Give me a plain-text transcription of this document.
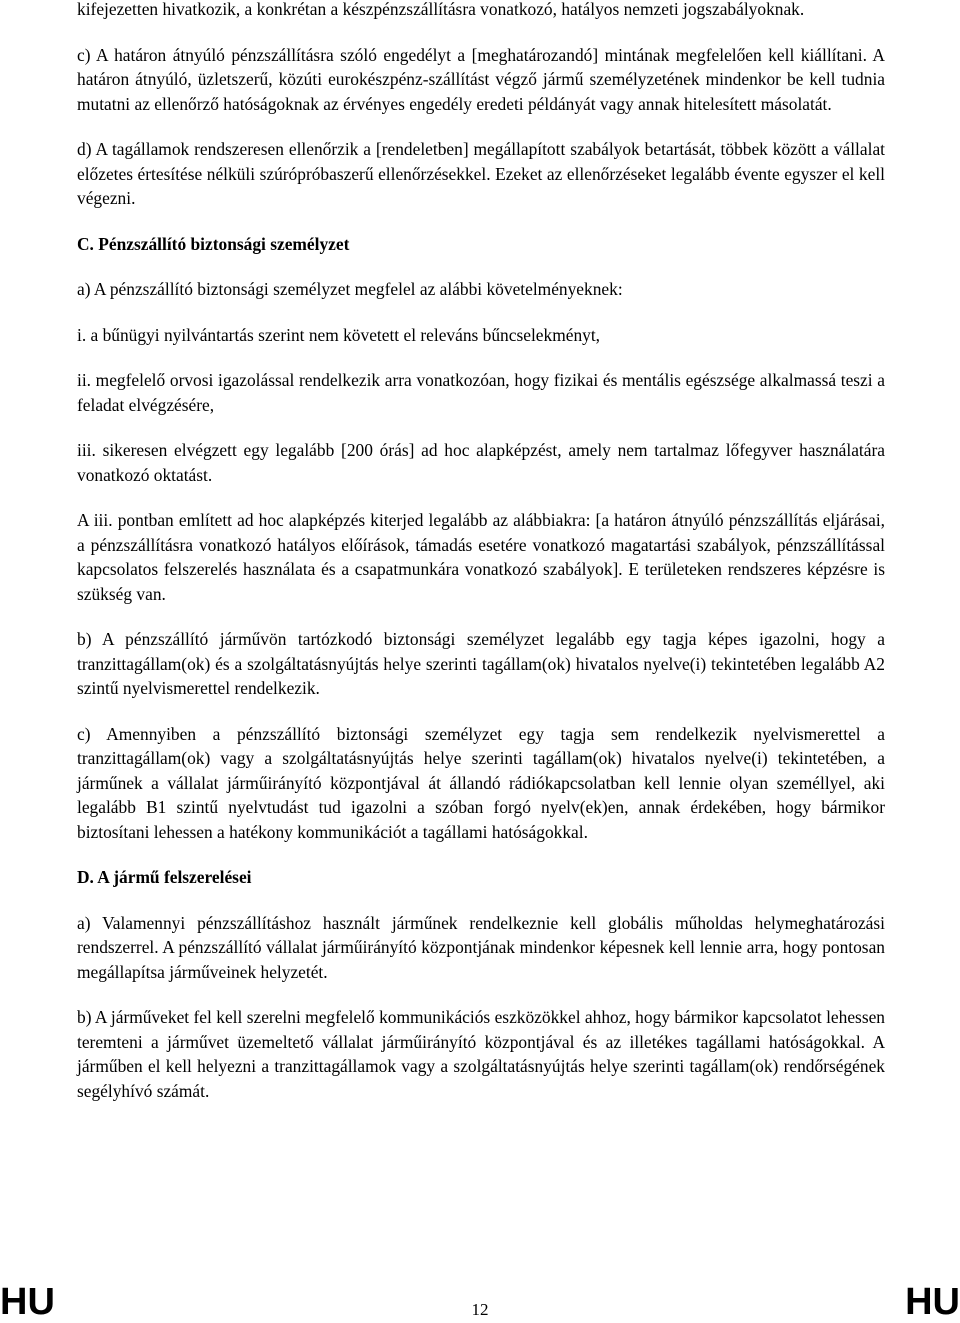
kifejezetten hivatkozik, a konkrétan a készpénzszállításra vonatkozó, hatályos nemzeti jogszabályoknak.

c) A határon átnyúló pénzszállításra szóló engedélyt a [meghatározandó] mintának megfelelően kell kiállítani. A határon átnyúló, üzletszerű, közúti eurokészpénz-szállítást végző jármű személyzetének mindenkor be kell tudnia mutatni az ellenőrző hatóságoknak az érvényes engedély eredeti példányát vagy annak hitelesített másolatát.

d) A tagállamok rendszeresen ellenőrzik a [rendeletben] megállapított szabályok betartását, többek között a vállalat előzetes értesítése nélküli szúrópróbaszerű ellenőrzésekkel. Ezeket az ellenőrzéseket legalább évente egyszer el kell végezni.

C. Pénzszállító biztonsági személyzet

a) A pénzszállító biztonsági személyzet megfelel az alábbi követelményeknek:

i. a bűnügyi nyilvántartás szerint nem követett el releváns bűncselekményt,

ii. megfelelő orvosi igazolással rendelkezik arra vonatkozóan, hogy fizikai és mentális egészsége alkalmassá teszi a feladat elvégzésére,

iii. sikeresen elvégzett egy legalább [200 órás] ad hoc alapképzést, amely nem tartalmaz lőfegyver használatára vonatkozó oktatást.

A iii. pontban említett ad hoc alapképzés kiterjed legalább az alábbiakra: [a határon átnyúló pénzszállítás eljárásai, a pénzszállításra vonatkozó hatályos előírások, támadás esetére vonatkozó magatartási szabályok, pénzszállítással kapcsolatos felszerelés használata és a csapatmunkára vonatkozó szabályok]. E területeken rendszeres képzésre is szükség van.

b) A pénzszállító járművön tartózkodó biztonsági személyzet legalább egy tagja képes igazolni, hogy a tranzittagállam(ok) és a szolgáltatásnyújtás helye szerinti tagállam(ok) hivatalos nyelve(i) tekintetében legalább A2 szintű nyelvismerettel rendelkezik.

c) Amennyiben a pénzszállító biztonsági személyzet egy tagja sem rendelkezik nyelvismerettel a tranzittagállam(ok) vagy a szolgáltatásnyújtás helye szerinti tagállam(ok) hivatalos nyelve(i) tekintetében, a járműnek a vállalat járműirányító központjával át állandó rádiókapcsolatban kell lennie olyan személlyel, aki legalább B1 szintű nyelvtudást tud igazolni a szóban forgó nyelv(ek)en, annak érdekében, hogy bármikor biztosítani lehessen a hatékony kommunikációt a tagállami hatóságokkal.

D. A jármű felszerelései

a) Valamennyi pénzszállításhoz használt járműnek rendelkeznie kell globális műholdas helymeghatározási rendszerrel. A pénzszállító vállalat járműirányító központjának mindenkor képesnek kell lennie arra, hogy pontosan megállapítsa járműveinek helyzetét.

b) A járműveket fel kell szerelni megfelelő kommunikációs eszközökkel ahhoz, hogy bármikor kapcsolatot lehessen teremteni a járművet üzemeltető vállalat járműirányító központjával és az illetékes tagállami hatóságokkal. A járműben el kell helyezni a tranzittagállamok vagy a szolgáltatásnyújtás helye szerinti tagállam(ok) rendőrségének segélyhívó számát.

HU	12	HU
